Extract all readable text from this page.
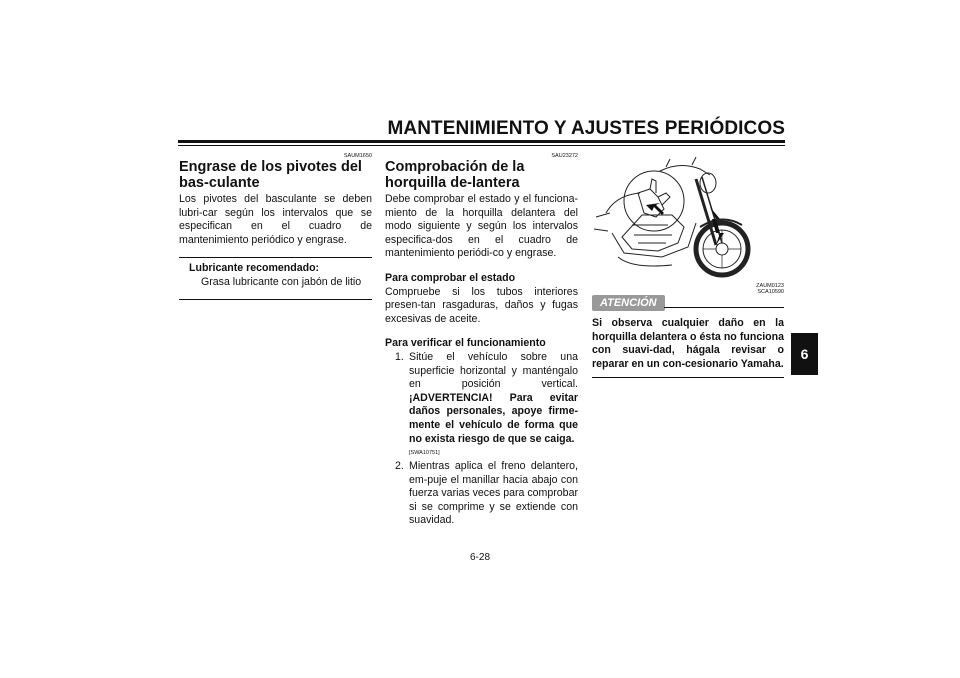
MANTENIMIENTO Y AJUSTES PERIÓDICOS
6
SAUM1650
Engrase de los pivotes del bas-culante
Los pivotes del basculante se deben lubri-car según los intervalos que se especifican en el cuadro de mantenimiento periódico y engrase.
Lubricante recomendado:
Grasa lubricante con jabón de litio
SAU23272
Comprobación de la horquilla de-lantera
Debe comprobar el estado y el funciona-miento de la horquilla delantera del modo siguiente y según los intervalos especifica-dos en el cuadro de mantenimiento periódi-co y engrase.
Para comprobar el estado
Compruebe si los tubos interiores presen-tan rasgaduras, daños y fugas excesivas de aceite.
Para verificar el funcionamiento
1. Sitúe el vehículo sobre una superficie horizontal y manténgalo en posición vertical. ¡ADVERTENCIA! Para evitar daños personales, apoye firme-mente el vehículo de forma que no exista riesgo de que se caiga.
[SWA10751]
2. Mientras aplica el freno delantero, em-puje el manillar hacia abajo con fuerza varias veces para comprobar si se comprime y se extiende con suavidad.
ZAUM0123
SCA10590
ATENCIÓN
Si observa cualquier daño en la horquilla delantera o ésta no funciona con suavi-dad, hágala revisar o reparar en un con-cesionario Yamaha.
6-28
